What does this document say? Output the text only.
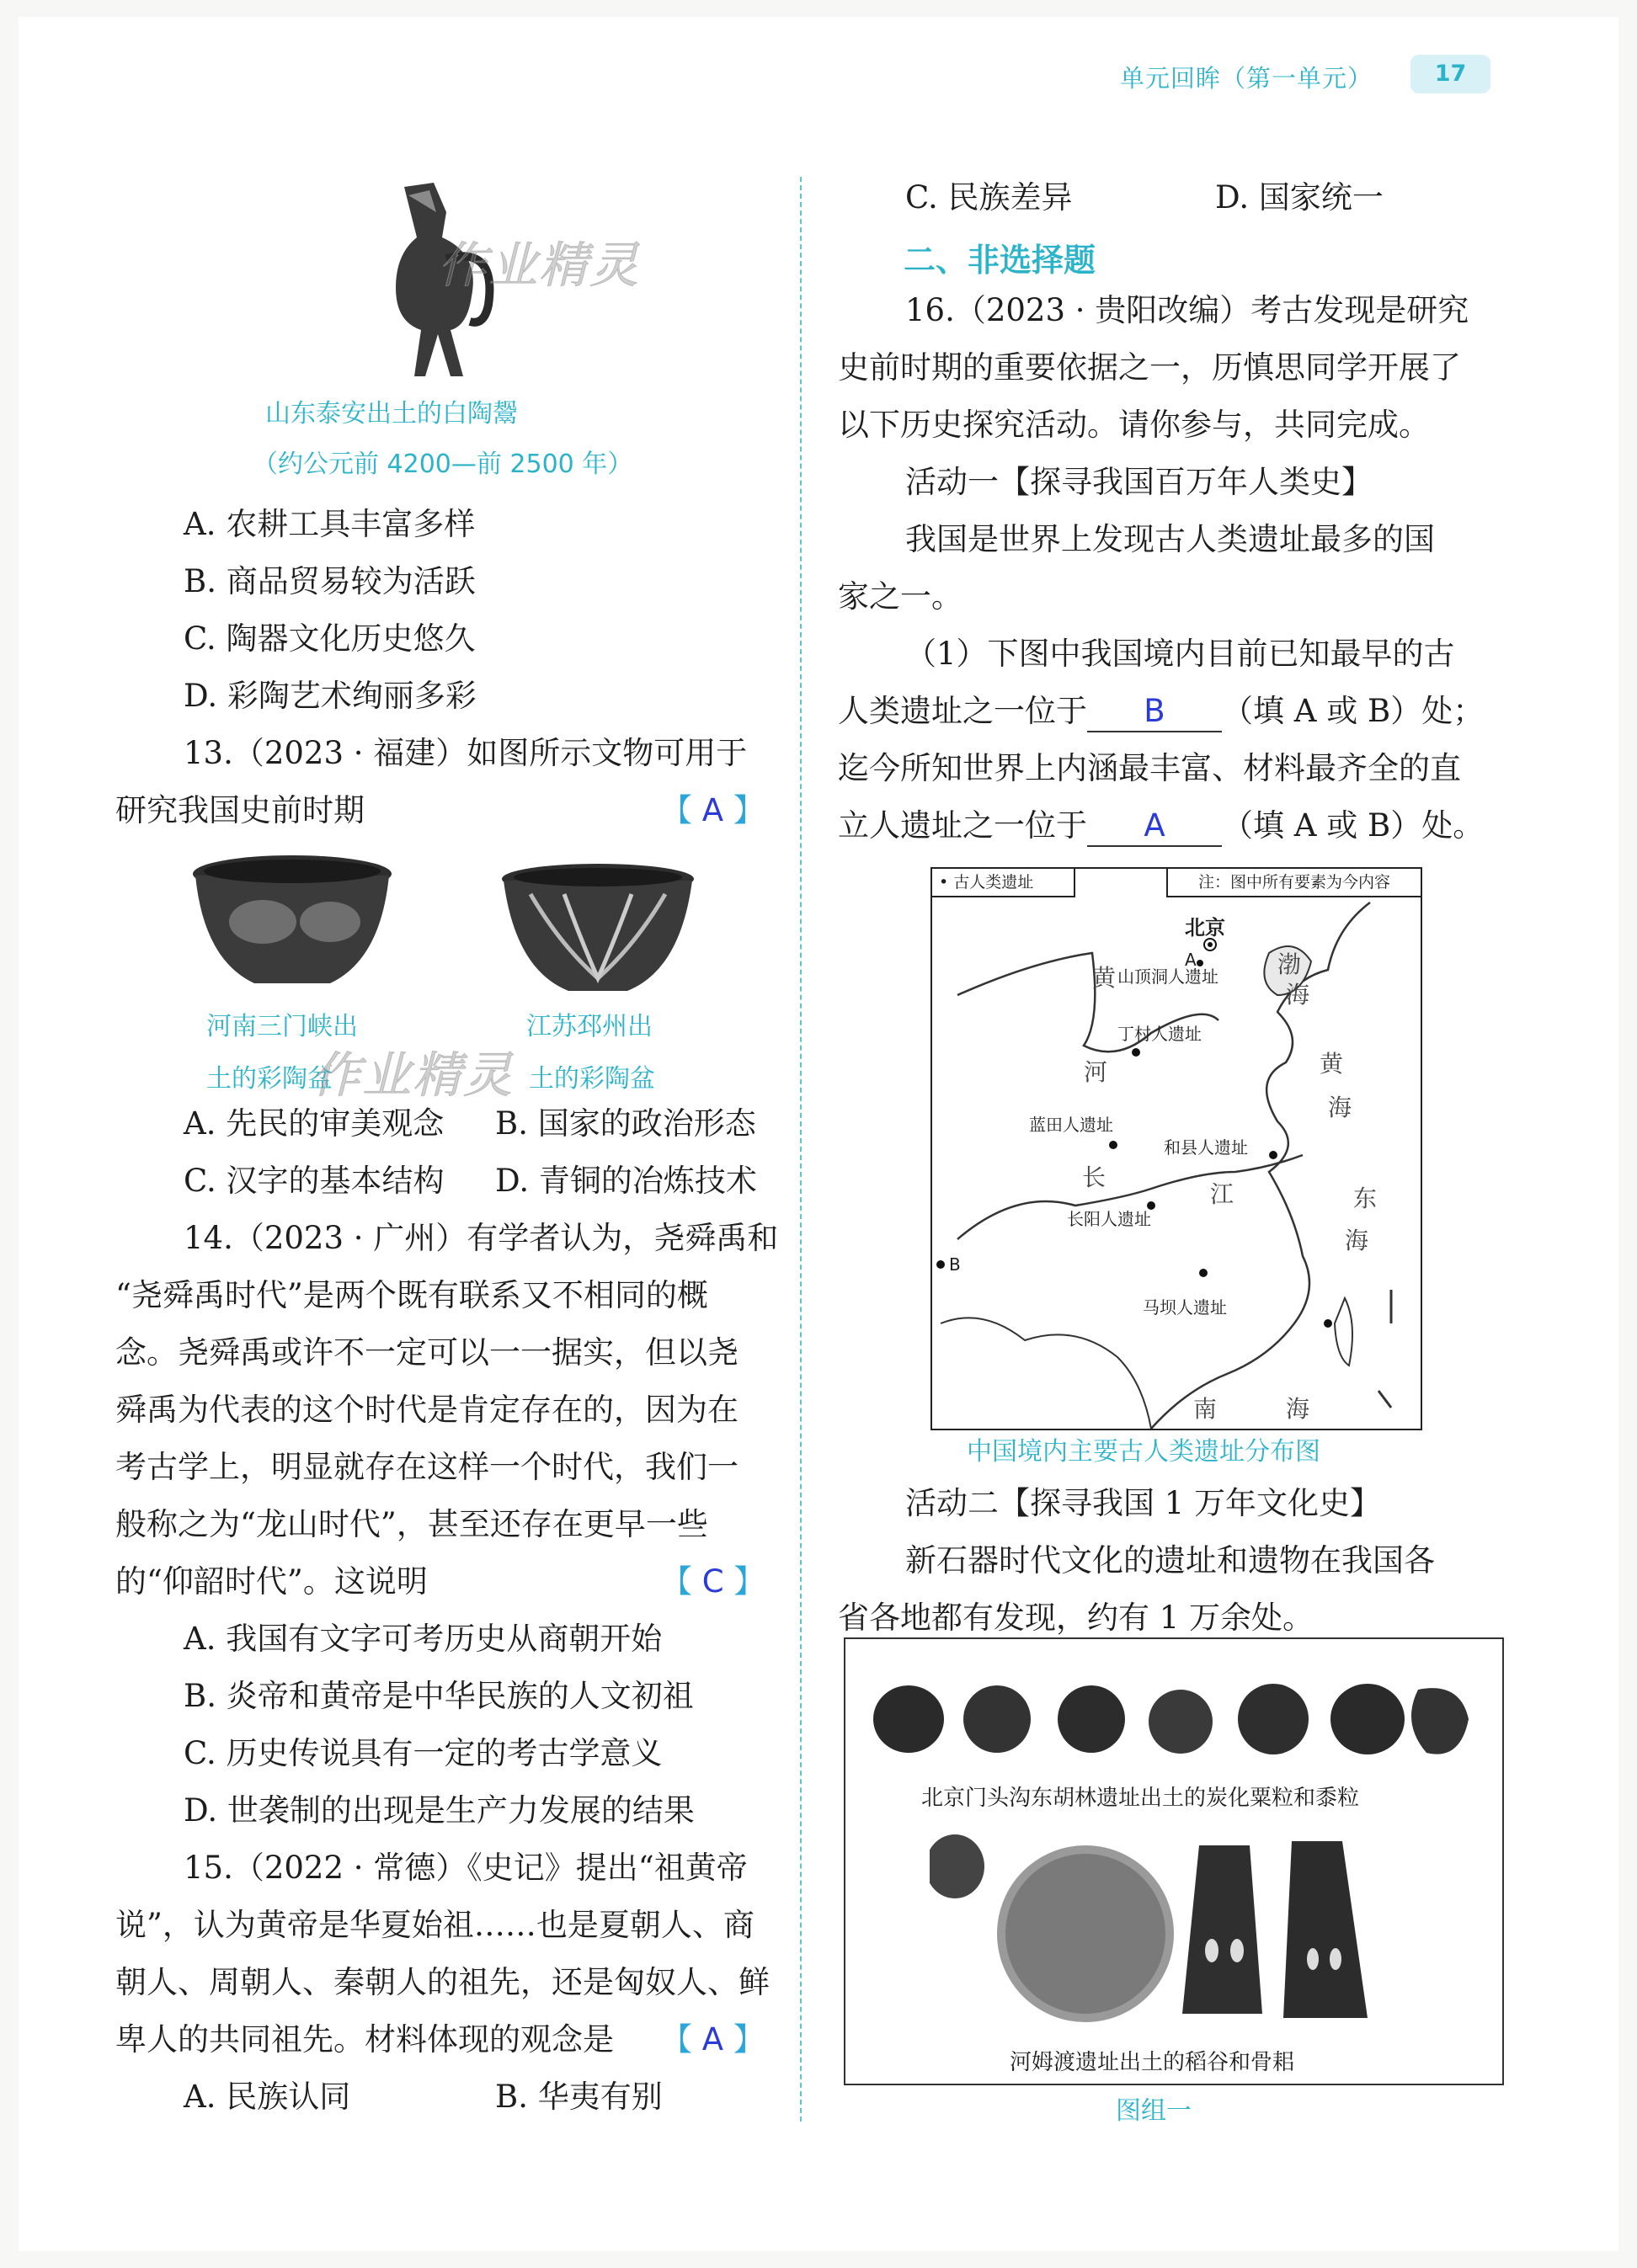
单元回眸（第一单元）	17
作业精灵
山东泰安出土的白陶鬶
（约公元前 4200—前 2500 年）
A. 农耕工具丰富多样
B. 商品贸易较为活跃
C. 陶器文化历史悠久
D. 彩陶艺术绚丽多彩
13.（2023 · 福建）如图所示文物可用于
研究我国史前时期	【 A 】
河南三门峡出
土的彩陶盆
江苏邳州出
土的彩陶盆
作业精灵
A. 先民的审美观念 B. 国家的政治形态
C. 汉字的基本结构 D. 青铜的冶炼技术
14.（2023 · 广州）有学者认为，尧舜禹和
“尧舜禹时代”是两个既有联系又不相同的概
念。尧舜禹或许不一定可以一一据实，但以尧
舜禹为代表的这个时代是肯定存在的，因为在
考古学上，明显就存在这样一个时代，我们一
般称之为“龙山时代”，甚至还存在更早一些
的“仰韶时代”。这说明	【 C 】
A. 我国有文字可考历史从商朝开始
B. 炎帝和黄帝是中华民族的人文初祖
C. 历史传说具有一定的考古学意义
D. 世袭制的出现是生产力发展的结果
15.（2022 · 常德）《史记》提出“祖黄帝
说”，认为黄帝是华夏始祖……也是夏朝人、商
朝人、周朝人、秦朝人的祖先，还是匈奴人、鲜
卑人的共同祖先。材料体现的观念是 【 A 】
A. 民族认同	B. 华夷有别
C. 民族差异	D. 国家统一
二、非选择题
16.（2023 · 贵阳改编）考古发现是研究
史前时期的重要依据之一，历慎思同学开展了
以下历史探究活动。请你参与，共同完成。
活动一【探寻我国百万年人类史】
我国是世界上发现古人类遗址最多的国
家之一。
（1）下图中我国境内目前已知最早的古
人类遗址之一位于 B （填 A 或 B）处；
迄今所知世界上内涵最丰富、材料最齐全的直
立人遗址之一位于 A （填 A 或 B）处。
• 古人类遗址	注：图中所有要素为今内容
北京
A
B
山顶洞人遗址
丁村人遗址
蓝田人遗址
和县人遗址
长阳人遗址
马坝人遗址
黄
河
长
江
渤
海
黄
海
东
海
南	海
中国境内主要古人类遗址分布图
活动二【探寻我国 1 万年文化史】
新石器时代文化的遗址和遗物在我国各
省各地都有发现，约有 1 万余处。
北京门头沟东胡林遗址出土的炭化粟粒和黍粒
河姆渡遗址出土的稻谷和骨耜
图组一
